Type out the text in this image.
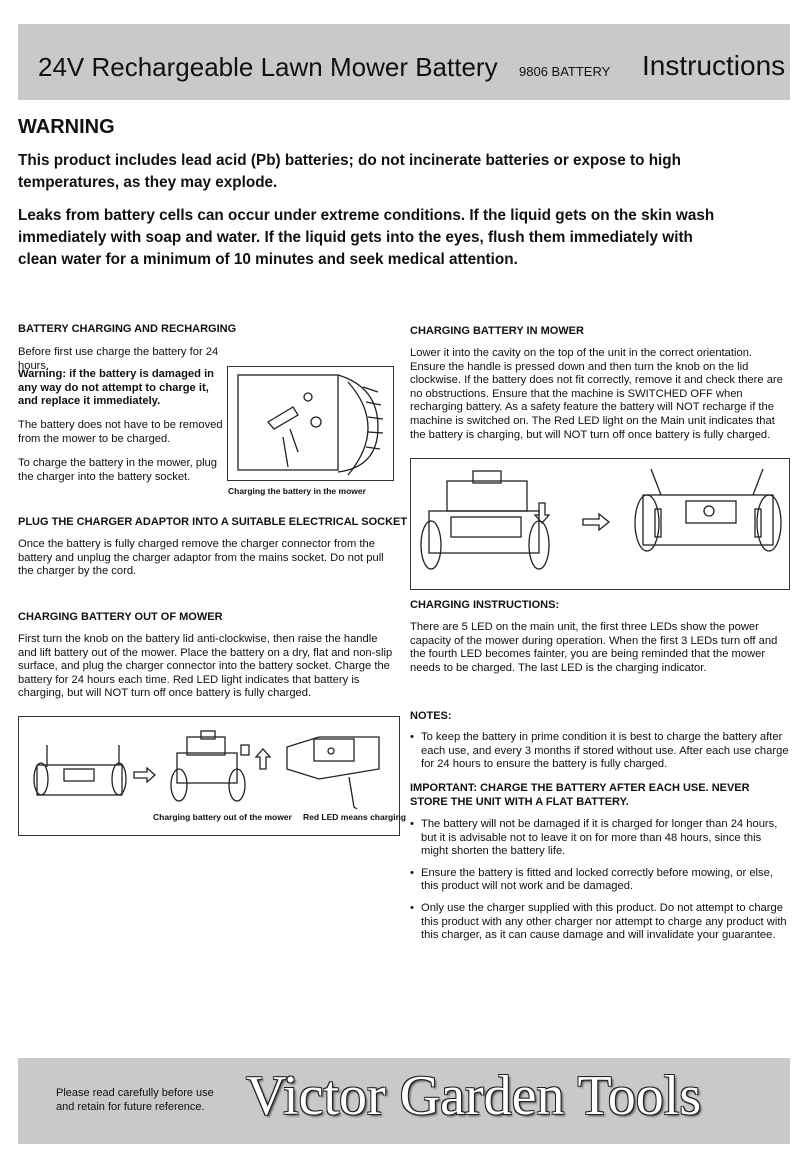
24V Rechargeable Lawn Mower Battery 9806 BATTERY Instructions
WARNING
This product includes lead acid (Pb) batteries; do not incinerate batteries or expose to high temperatures, as they may explode.
Leaks from battery cells can occur under extreme conditions. If the liquid gets on the skin wash immediately with soap and water. If the liquid gets into the eyes, flush them immediately with clean water for a minimum of 10 minutes and seek medical attention.
BATTERY CHARGING AND RECHARGING
Before first use charge the battery for 24 hours.
Warning: if the battery is damaged in any way do not attempt to charge it, and replace it immediately.
The battery does not have to be removed from the mower to be charged.
To charge the battery in the mower, plug the charger into the battery socket.
Charging the battery in the mower
PLUG THE CHARGER ADAPTOR INTO A SUITABLE ELECTRICAL SOCKET
Once the battery is fully charged remove the charger connector from the battery and unplug the charger adaptor from the mains socket. Do not pull the charger by the cord.
CHARGING BATTERY OUT OF MOWER
First turn the knob on the battery lid anti-clockwise, then raise the handle and lift battery out of the mower. Place the battery on a dry, flat and non-slip surface, and plug the charger connector into the battery socket. Charge the battery for 24 hours each time. Red LED light indicates that battery is charging, but will NOT turn off once battery is fully charged.
Charging battery out of the mower Red LED means charging
CHARGING BATTERY IN MOWER
Lower it into the cavity on the top of the unit in the correct orientation. Ensure the handle is pressed down and then turn the knob on the lid clockwise. If the battery does not fit correctly, remove it and check there are no obstructions. Ensure that the machine is SWITCHED OFF when recharging battery. As a safety feature the battery will NOT recharge if the machine is switched on. The Red LED light on the Main unit indicates that the battery is charging, but will NOT turn off once battery is fully charged.
CHARGING INSTRUCTIONS:
There are 5 LED on the main unit, the first three LEDs show the power capacity of the mower during operation. When the first 3 LEDs turn off and the fourth LED becomes fainter, you are being reminded that the mower needs to be charged. The last LED is the charging indicator.
NOTES:
• To keep the battery in prime condition it is best to charge the battery after each use, and every 3 months if stored without use. After each use charge for 24 hours to ensure the battery is fully charged.
IMPORTANT: CHARGE THE BATTERY AFTER EACH USE. NEVER STORE THE UNIT WITH A FLAT BATTERY.
• The battery will not be damaged if it is charged for longer than 24 hours, but it is advisable not to leave it on for more than 48 hours, since this might shorten the battery life.
• Ensure the battery is fitted and locked correctly before mowing, or else, this product will not work and be damaged.
• Only use the charger supplied with this product. Do not attempt to charge this product with any other charger nor attempt to charge any product with this charger, as it can cause damage and will invalidate your guarantee.
Please read carefully before use and retain for future reference. Victor Garden Tools
